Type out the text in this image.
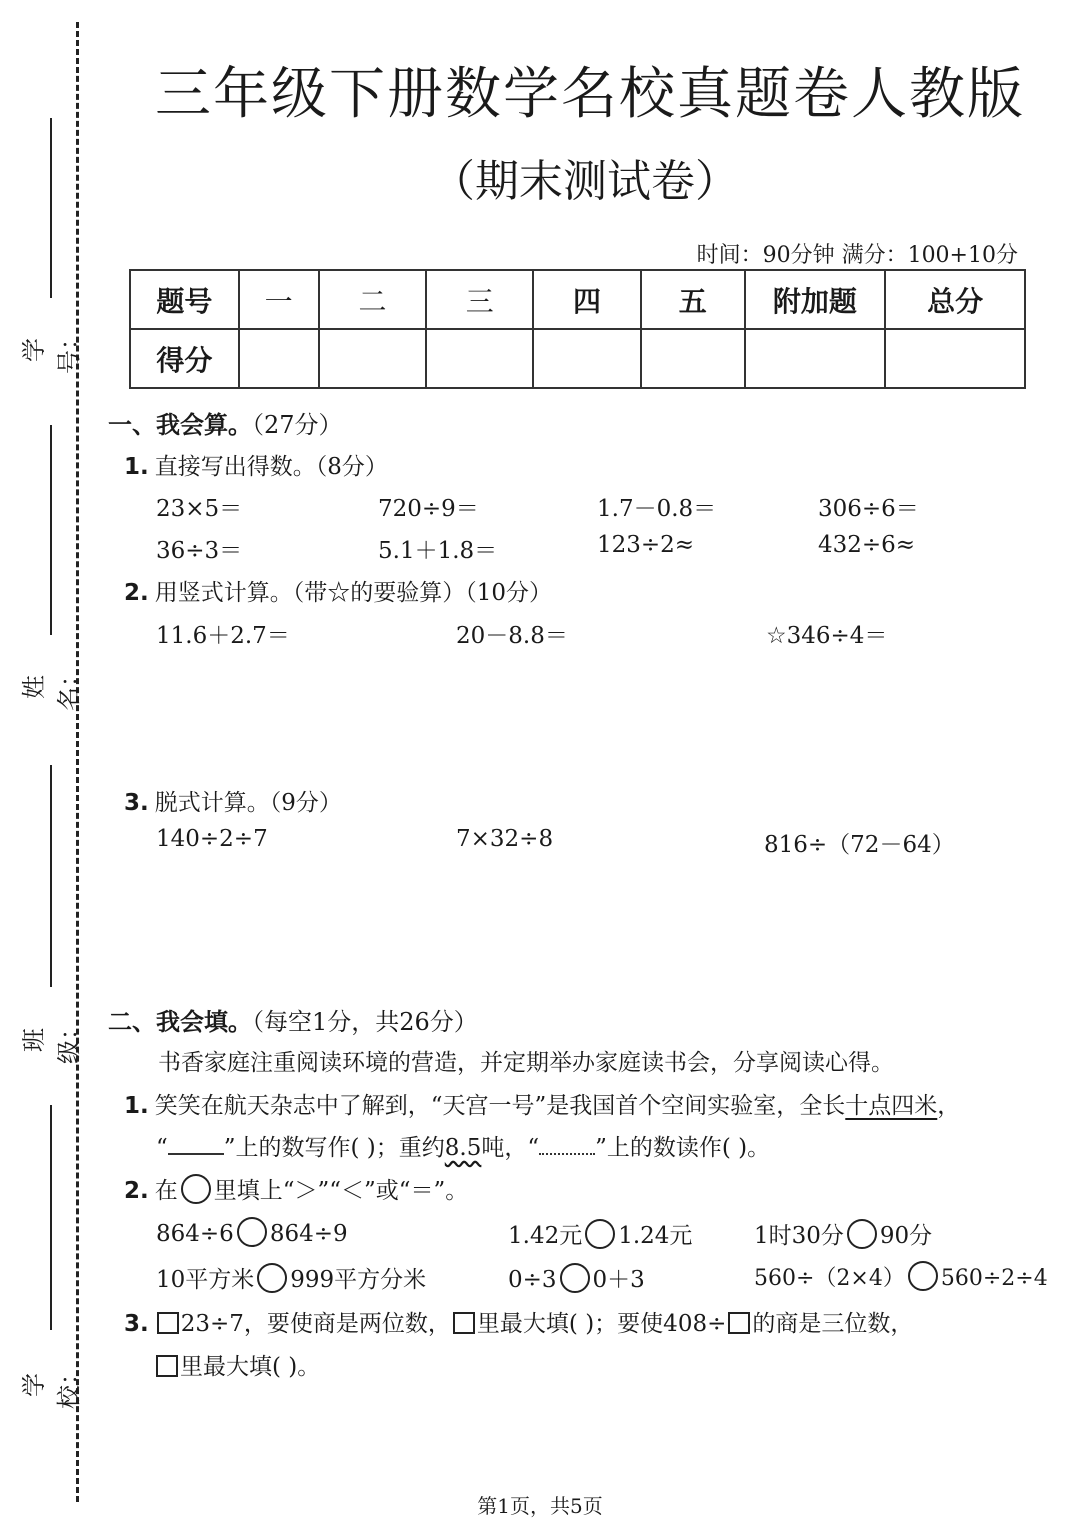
学号：
姓名：
班级：
学校：
三年级下册数学名校真题卷人教版
（期末测试卷）
时间：90分钟 满分：100+10分
题号	一	二	三	四	五	附加题	总分
得分							
一、我会算。（27分）
1. 直接写出得数。（8分）
23×5＝	720÷9＝	1.7－0.8＝	306÷6＝
36÷3＝	5.1＋1.8＝	123÷2≈	432÷6≈
2. 用竖式计算。（带☆的要验算）（10分）
11.6＋2.7＝	20－8.8＝	☆346÷4＝
3. 脱式计算。（9分）
140÷2÷7	7×32÷8	816÷（72－64）
二、我会填。（每空1分，共26分）
书香家庭注重阅读环境的营造，并定期举办家庭读书会，分享阅读心得。
1. 笑笑在航天杂志中了解到，“天宫一号”是我国首个空间实验室，全长十点四米，
“ ”上的数写作( )；重约8.5吨，“ ”上的数读作( )。
2. 在 里填上“＞”“＜”或“＝”。
864÷6 864÷9	1.42元 1.24元	1时30分 90分
10平方米 999平方分米	0÷3 0＋3	560÷（2×4） 560÷2÷4
3. 23÷7，要使商是两位数， 里最大填( )；要使408÷ 的商是三位数，
里最大填( )。
第1页，共5页
